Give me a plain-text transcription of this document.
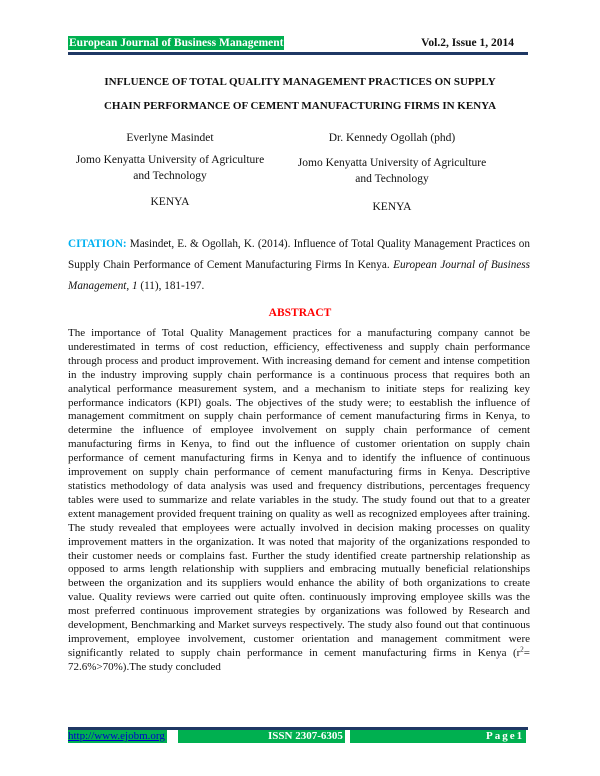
European Journal of Business Management	Vol.2, Issue 1, 2014
INFLUENCE OF TOTAL QUALITY MANAGEMENT PRACTICES ON SUPPLY
CHAIN PERFORMANCE OF CEMENT MANUFACTURING FIRMS IN KENYA
Everlyne Masindet
Jomo Kenyatta University of Agriculture
and Technology
KENYA
Dr. Kennedy Ogollah (phd)
Jomo Kenyatta University of Agriculture
and Technology
KENYA
CITATION: Masindet, E. & Ogollah, K. (2014). Influence of Total Quality Management Practices on Supply Chain Performance of Cement Manufacturing Firms In Kenya. European Journal of Business Management, 1 (11), 181-197.
ABSTRACT

The importance of Total Quality Management practices for a manufacturing company cannot be underestimated in terms of cost reduction, efficiency, effectiveness and supply chain performance through process and product improvement. With increasing demand for cement and intense competition in the industry improving supply chain performance is a continuous process that requires both an analytical performance measurement system, and a mechanism to initiate steps for realizing key performance indicators (KPI) goals. The objectives of the study were; to eestablish the influence of management commitment on supply chain performance of cement manufacturing firms in Kenya, to determine the influence of employee involvement on supply chain performance of cement manufacturing firms in Kenya, to find out the influence of customer orientation on supply chain performance of cement manufacturing firms in Kenya and to identify the influence of continuous improvement on supply chain performance of cement manufacturing firms in Kenya. Descriptive statistics methodology of data analysis was used and frequency distributions, percentages frequency tables were used to summarize and relate variables in the study. The study found out that to a greater extent management provided frequent training on quality as well as recognized employees after training. The study revealed that employees were actually involved in decision making processes on quality improvement matters in the organization. It was noted that majority of the organizations responded to their customer needs or complains fast. Further the study identified create partnership relationship as opposed to arms length relationship with suppliers and embracing mutually beneficial relationships between the organization and its suppliers would enhance the ability of both organizations to create value. Quality reviews were carried out quite often. continuously improving employee skills was the most preferred continuous improvement strategies by organizations was followed by Research and development, Benchmarking and Market surveys respectively. The study also found out that continuous improvement, employee involvement, customer orientation and management commitment were significantly related to supply chain performance in cement manufacturing firms in Kenya $(r^2= 72.6\%>70\%).The$ study concluded

http://www.ejobm.org	ISSN 2307-6305	Page1
